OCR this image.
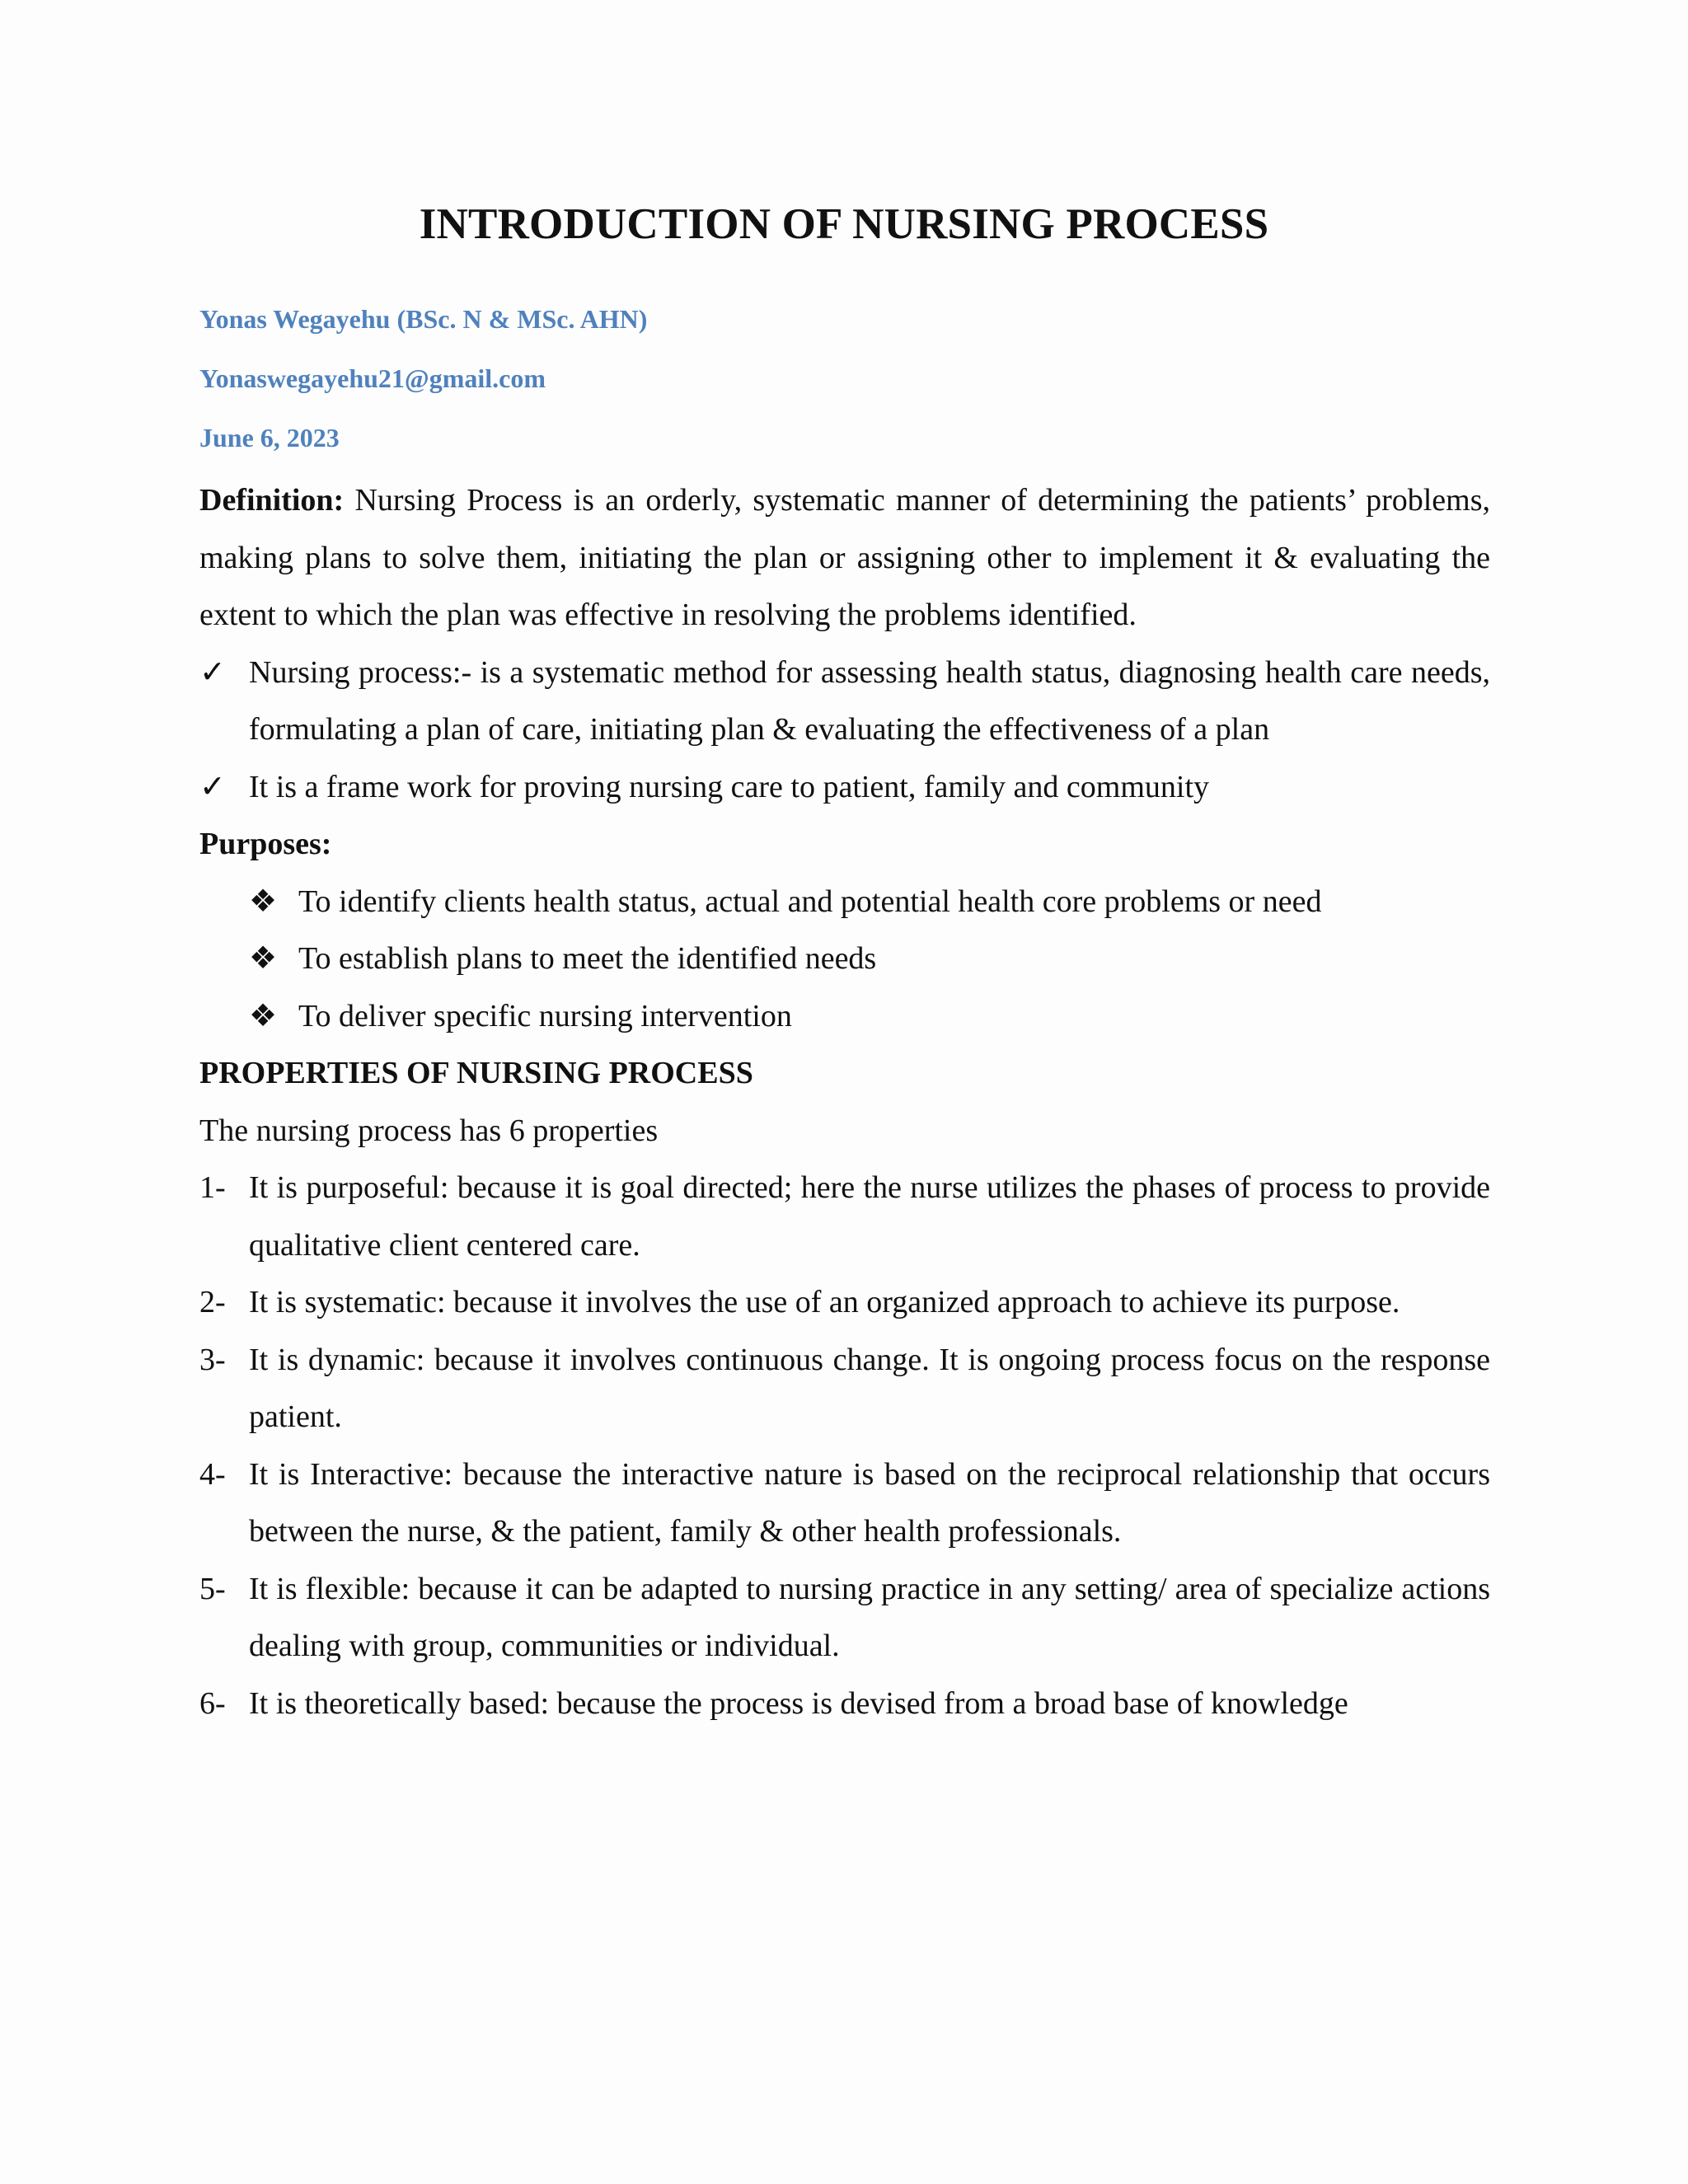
INTRODUCTION OF NURSING PROCESS
Yonas Wegayehu (BSc. N & MSc. AHN)
Yonaswegayehu21@gmail.com
June 6, 2023

Definition: Nursing Process is an orderly, systematic manner of determining the patients’ problems, making plans to solve them, initiating the plan or assigning other to implement it & evaluating the extent to which the plan was effective in resolving the problems identified.

✓ Nursing process:- is a systematic method for assessing health status, diagnosing health care needs, formulating a plan of care, initiating plan & evaluating the effectiveness of a plan
✓ It is a frame work for proving nursing care to patient, family and community
Purposes:
❖ To identify clients health status, actual and potential health core problems or need
❖ To establish plans to meet the identified needs
❖ To deliver specific nursing intervention
PROPERTIES OF NURSING PROCESS
The nursing process has 6 properties
1- It is purposeful: because it is goal directed; here the nurse utilizes the phases of process to provide qualitative client centered care.
2- It is systematic: because it involves the use of an organized approach to achieve its purpose.
3- It is dynamic: because it involves continuous change. It is ongoing process focus on the response patient.
4- It is Interactive: because the interactive nature is based on the reciprocal relationship that occurs between the nurse, & the patient, family & other health professionals.
5- It is flexible: because it can be adapted to nursing practice in any setting/ area of specialize actions dealing with group, communities or individual.
6- It is theoretically based: because the process is devised from a broad base of knowledge
